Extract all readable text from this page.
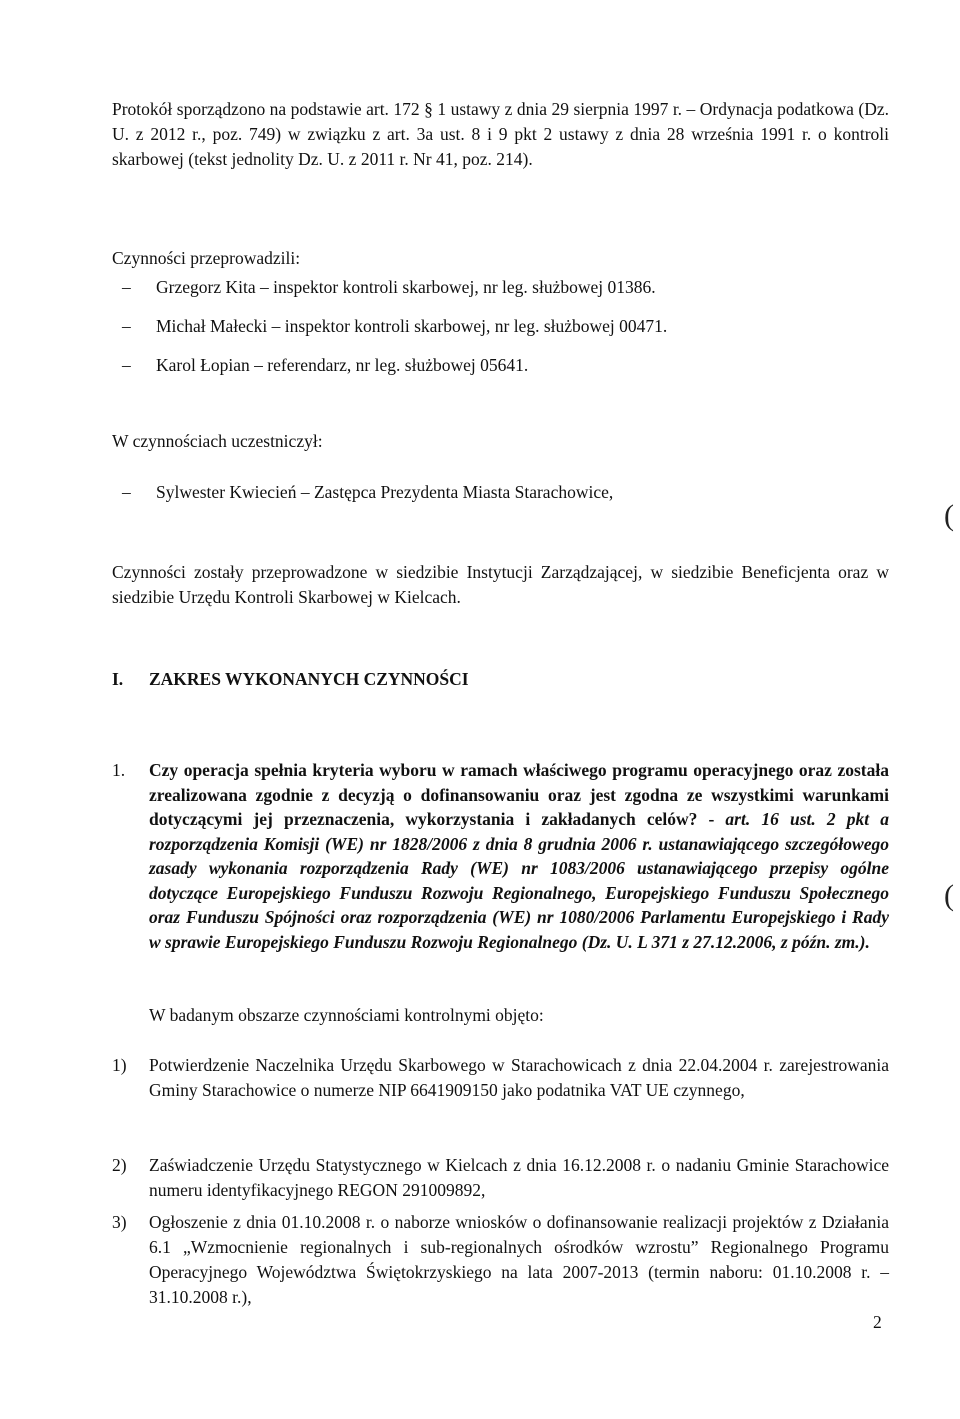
Protokół sporządzono na podstawie art. 172 § 1 ustawy z dnia 29 sierpnia 1997 r. – Ordynacja podatkowa (Dz. U. z 2012 r., poz. 749) w związku z art. 3a ust. 8 i 9 pkt 2 ustawy z dnia 28 września 1991 r. o kontroli skarbowej (tekst jednolity Dz. U. z 2011 r. Nr 41, poz. 214).
Czynności przeprowadzili:
– Grzegorz Kita – inspektor kontroli skarbowej, nr leg. służbowej 01386.
– Michał Małecki – inspektor kontroli skarbowej, nr leg. służbowej 00471.
– Karol Łopian – referendarz, nr leg. służbowej 05641.
W czynnościach uczestniczył:
– Sylwester Kwiecień – Zastępca Prezydenta Miasta Starachowice,
(
Czynności zostały przeprowadzone w siedzibie Instytucji Zarządzającej, w siedzibie Beneficjenta oraz w siedzibie Urzędu Kontroli Skarbowej w Kielcach.
I. ZAKRES WYKONANYCH CZYNNOŚCI
1. Czy operacja spełnia kryteria wyboru w ramach właściwego programu operacyjnego oraz została zrealizowana zgodnie z decyzją o dofinansowaniu oraz jest zgodna ze wszystkimi warunkami dotyczącymi jej przeznaczenia, wykorzystania i zakładanych celów? - art. 16 ust. 2 pkt a rozporządzenia Komisji (WE) nr 1828/2006 z dnia 8 grudnia 2006 r. ustanawiającego szczegółowego zasady wykonania rozporządzenia Rady (WE) nr 1083/2006 ustanawiającego przepisy ogólne dotyczące Europejskiego Funduszu Rozwoju Regionalnego, Europejskiego Funduszu Społecznego oraz Funduszu Spójności oraz rozporządzenia (WE) nr 1080/2006 Parlamentu Europejskiego i Rady w sprawie Europejskiego Funduszu Rozwoju Regionalnego (Dz. U. L 371 z 27.12.2006, z późn. zm.).
(
W badanym obszarze czynnościami kontrolnymi objęto:
1) Potwierdzenie Naczelnika Urzędu Skarbowego w Starachowicach z dnia 22.04.2004 r. zarejestrowania Gminy Starachowice o numerze NIP 6641909150 jako podatnika VAT UE czynnego,
2) Zaświadczenie Urzędu Statystycznego w Kielcach z dnia 16.12.2008 r. o nadaniu Gminie Starachowice numeru identyfikacyjnego REGON 291009892,
3) Ogłoszenie z dnia 01.10.2008 r. o naborze wniosków o dofinansowanie realizacji projektów z Działania 6.1 „Wzmocnienie regionalnych i sub-regionalnych ośrodków wzrostu” Regionalnego Programu Operacyjnego Województwa Świętokrzyskiego na lata 2007-2013 (termin naboru: 01.10.2008 r. – 31.10.2008 r.),
2
